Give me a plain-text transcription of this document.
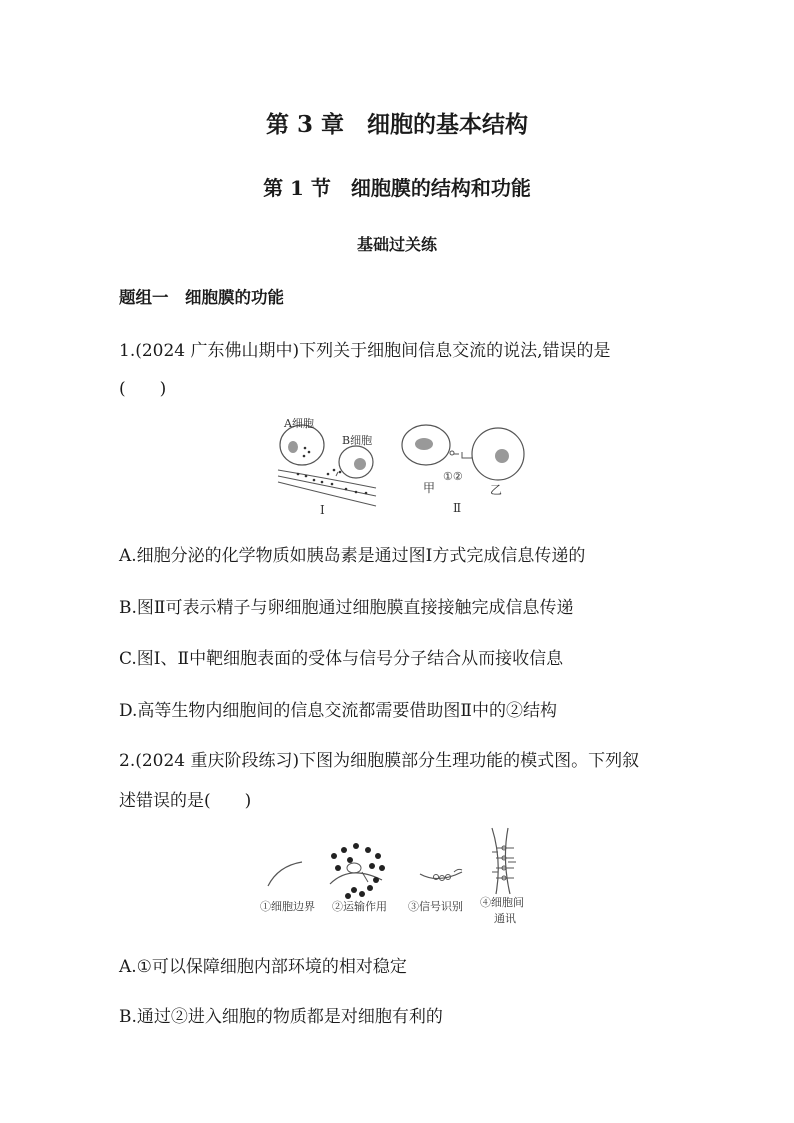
第 3 章　细胞的基本结构
第 1 节　细胞膜的结构和功能
基础过关练
题组一　细胞膜的功能
1.(2024 广东佛山期中)下列关于细胞间信息交流的说法,错误的是
(　　)
A细胞
B细胞
Ⅰ
①②
甲	乙
Ⅱ
A.细胞分泌的化学物质如胰岛素是通过图Ⅰ方式完成信息传递的
B.图Ⅱ可表示精子与卵细胞通过细胞膜直接接触完成信息传递
C.图Ⅰ、Ⅱ中靶细胞表面的受体与信号分子结合从而接收信息
D.高等生物内细胞间的信息交流都需要借助图Ⅱ中的②结构
2.(2024 重庆阶段练习)下图为细胞膜部分生理功能的模式图。下列叙
述错误的是(　　)
①细胞边界 ②运输作用 ③信号识别 ④细胞间
通讯
A.①可以保障细胞内部环境的相对稳定
B.通过②进入细胞的物质都是对细胞有利的
